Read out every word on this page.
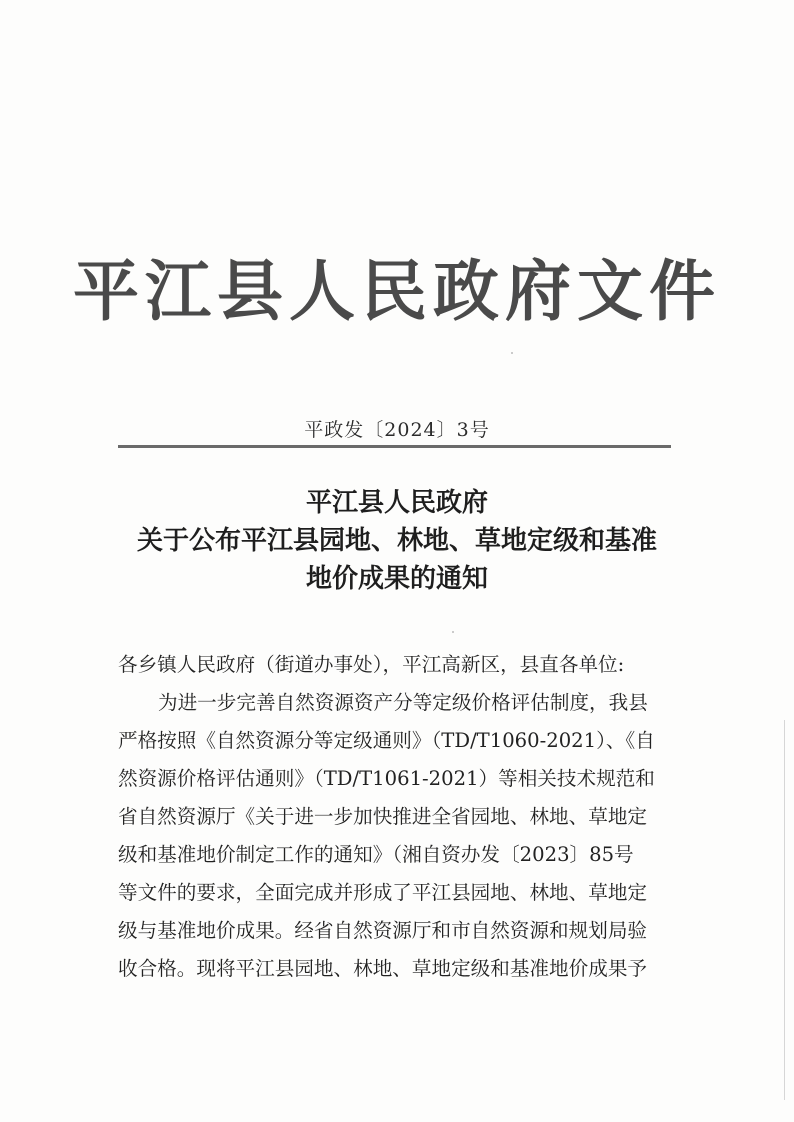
平江县人民政府文件
平政发〔2024〕3号
平江县人民政府
关于公布平江县园地、林地、草地定级和基准
地价成果的通知
各乡镇人民政府（街道办事处），平江高新区，县直各单位:
为进一步完善自然资源资产分等定级价格评估制度，我县
严格按照《自然资源分等定级通则》（TD/T1060-2021）、《自
然资源价格评估通则》（TD/T1061-2021）等相关技术规范和
省自然资源厅《关于进一步加快推进全省园地、林地、草地定
级和基准地价制定工作的通知》（湘自资办发〔2023〕85号
等文件的要求，全面完成并形成了平江县园地、林地、草地定
级与基准地价成果。经省自然资源厅和市自然资源和规划局验
收合格。现将平江县园地、林地、草地定级和基准地价成果予
